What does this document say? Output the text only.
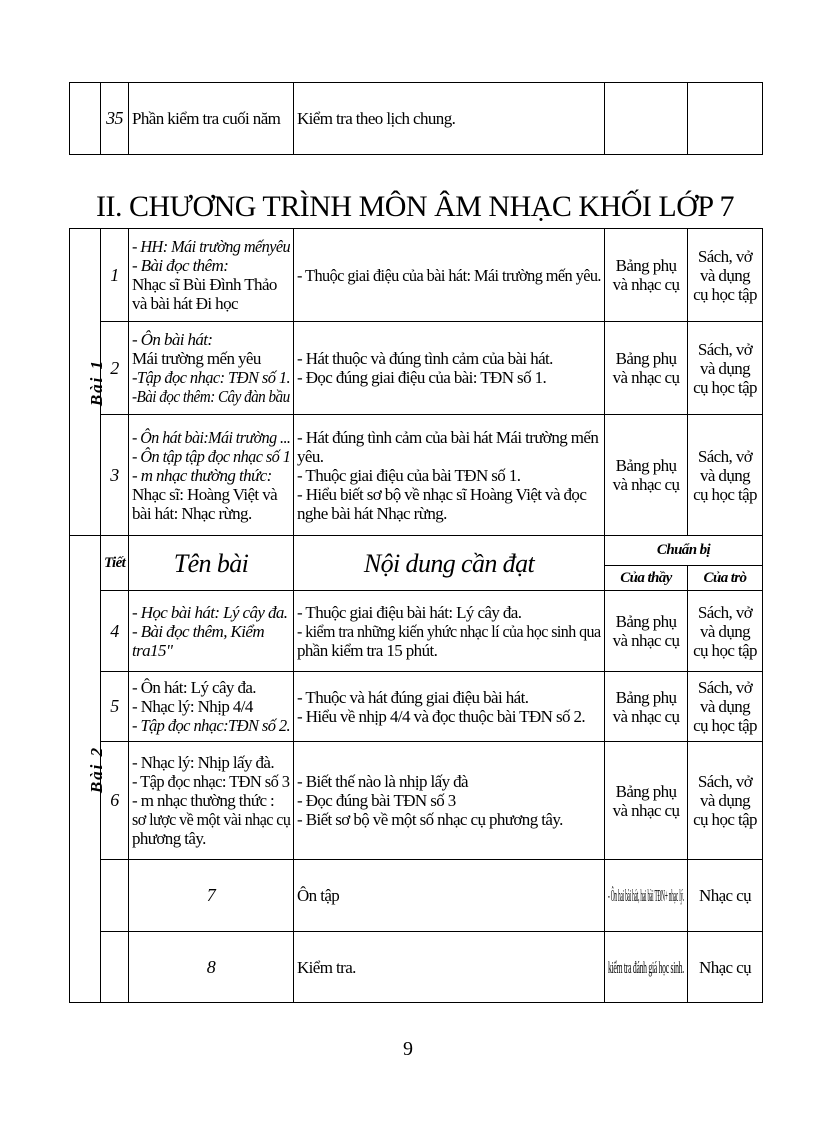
	35	Phần kiểm tra cuối năm	Kiểm tra theo lịch chung.		
II. CHƯƠNG TRÌNH MÔN ÂM NHẠC KHỐI LỚP 7
Bài 1	1	- HH: Mái trường mếnyêu
- Bài đọc thêm:
Nhạc sĩ Bùi Đình Thảo
và bài hát Đi học	- Thuộc giai điệu của bài hát: Mái trường mến yêu.	Bảng phụ
và nhạc cụ	Sách, vở
và dụng
cụ học tập	

	2	- Ôn bài hát:
Mái trường mến yêu
-Tập đọc nhạc: TĐN số 1.
-Bài đọc thêm: Cây đàn bầu	- Hát thuộc và đúng tình cảm của bài hát.
- Đọc đúng giai điệu của bài: TĐN số 1.	Bảng phụ
và nhạc cụ	Sách, vở
và dụng
cụ học tập	

	3	- Ôn hát bài:Mái trường ...
- Ôn tập tập đọc nhạc số 1
- m nhạc thường thức:
Nhạc sĩ: Hoàng Việt và
bài hát: Nhạc rừng.	- Hát đúng tình cảm của bài hát Mái trường mến
yêu.
- Thuộc giai điệu của bài TĐN số 1.
- Hiểu biết sơ bộ về nhạc sĩ Hoàng Việt và đọc
nghe bài hát Nhạc rừng.	Bảng phụ
và nhạc cụ	Sách, vở
và dụng
cụ học tập	

Bài 2	Tiết	Tên bài	Nội dung cần đạt	Chuẩn bị		
				Của thầy	Của trò	
	4	- Học bài hát: Lý cây đa.
- Bài đọc thêm, Kiểm
tra15"	- Thuộc giai điệu bài hát: Lý cây đa.
- kiểm tra những kiến yhức nhạc lí của học sinh qua
phần kiểm tra 15 phút.	Bảng phụ
và nhạc cụ	Sách, vở
và dụng
cụ học tập	

	5	- Ôn hát: Lý cây đa.
- Nhạc lý: Nhịp 4/4
- Tập đọc nhạc:TĐN số 2.	- Thuộc và hát đúng giai điệu bài hát.
- Hiểu về nhịp 4/4 và đọc thuộc bài TĐN số 2.	Bảng phụ
và nhạc cụ	Sách, vở
và dụng
cụ học tập	

	6	- Nhạc lý: Nhịp lấy đà.
- Tập đọc nhạc: TĐN số 3
- m nhạc thường thức :
sơ lược về một vài nhạc cụ
phương tây.	- Biết thế nào là nhịp lấy đà
- Đọc đúng bài TĐN số 3
- Biết sơ bộ về một số nhạc cụ phương tây.	Bảng phụ
và nhạc cụ	Sách, vở
và dụng
cụ học tập	

		7	Ôn tập	- Ôn hai bài hát, hai bài TĐN+ nhạc lý.	Nhạc cụ

		8	Kiểm tra.	kiểm tra đánh giá học sinh.	Nhạc cụ

9
